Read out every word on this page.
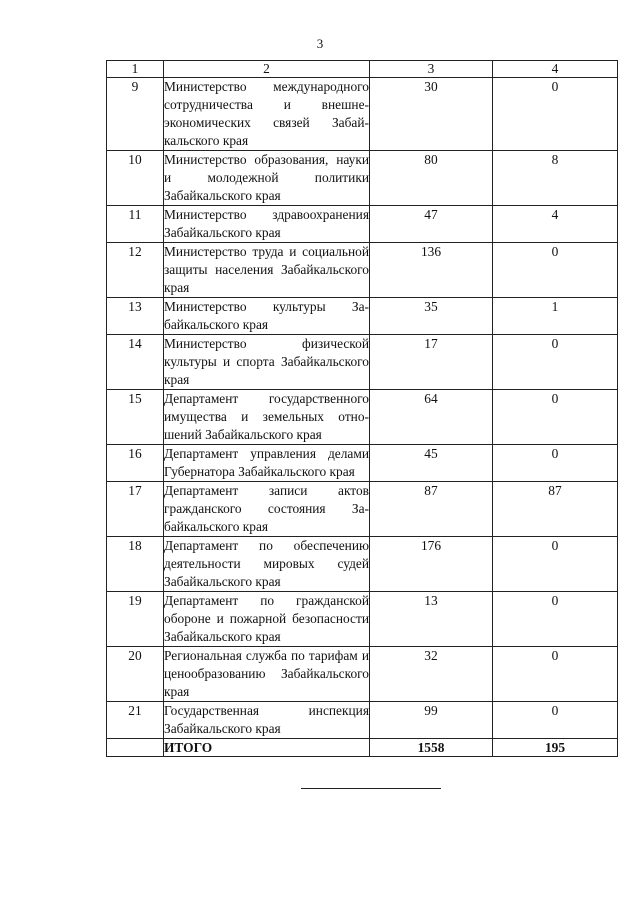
3
1	2	3	4
9	Министерство международного сотрудничества и внешнеэкономических связей Забайкальского края	30	0
10	Министерство образования, науки и молодежной политики Забайкальского края	80	8
11	Министерство здравоохранения Забайкальского края	47	4
12	Министерство труда и социальной защиты населения Забайкальского края	136	0
13	Министерство культуры Забайкальского края	35	1
14	Министерство физической культуры и спорта Забайкальского края	17	0
15	Департамент государственного имущества и земельных отношений Забайкальского края	64	0
16	Департамент управления делами Губернатора Забайкальского края	45	0
17	Департамент записи актов гражданского состояния Забайкальского края	87	87
18	Департамент по обеспечению деятельности мировых судей Забайкальского края	176	0
19	Департамент по гражданской обороне и пожарной безопасности Забайкальского края	13	0
20	Региональная служба по тарифам и ценообразованию Забайкальского края	32	0
21	Государственная инспекция Забайкальского края	99	0
	ИТОГО	1558	195
